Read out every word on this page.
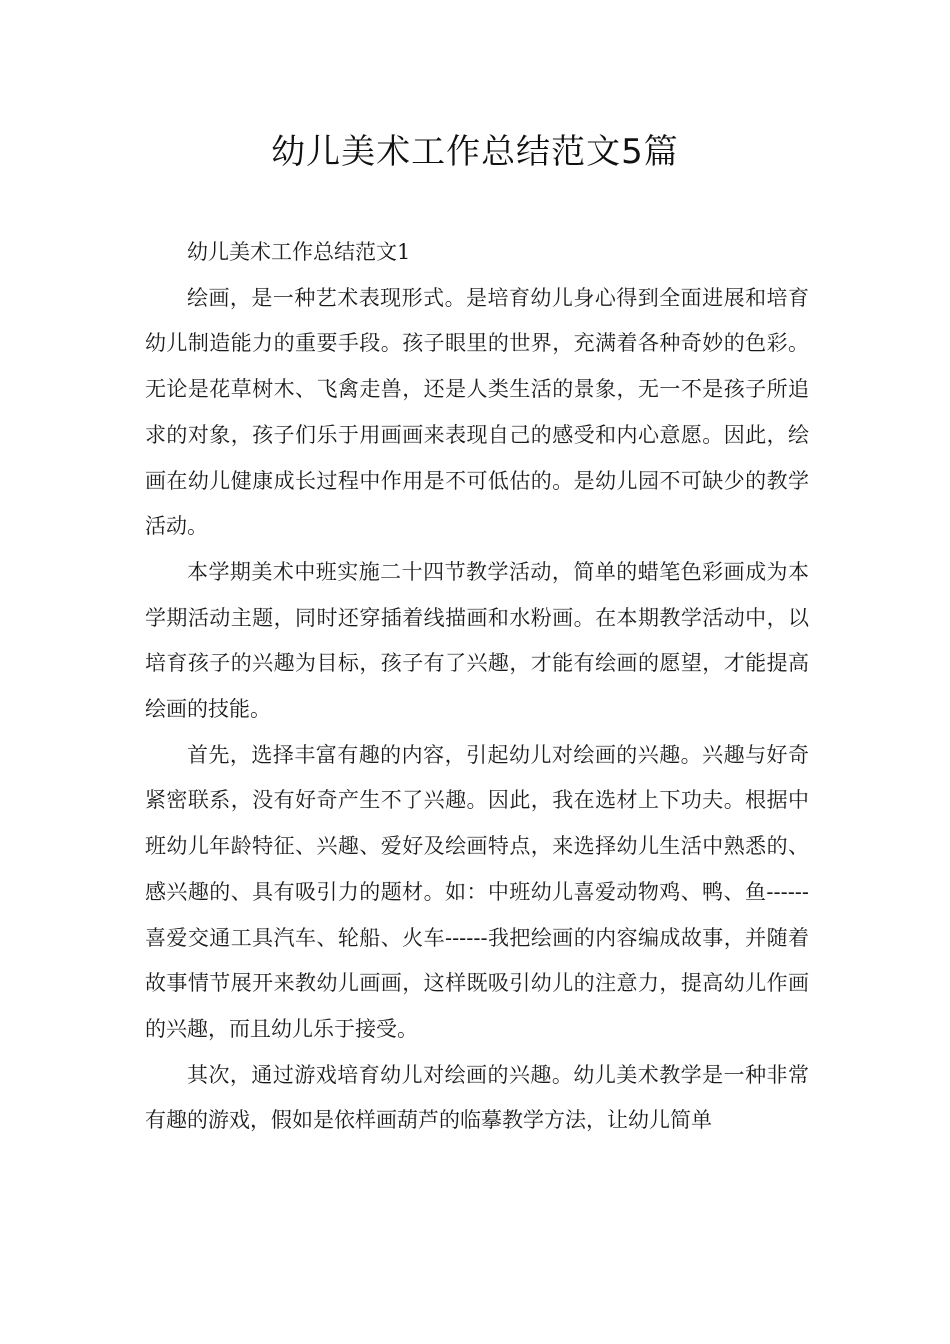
幼儿美术工作总结范文5篇

幼儿美术工作总结范文1

绘画，是一种艺术表现形式。是培育幼儿身心得到全面进展和培育幼儿制造能力的重要手段。孩子眼里的世界，充满着各种奇妙的色彩。无论是花草树木、飞禽走兽，还是人类生活的景象，无一不是孩子所追求的对象，孩子们乐于用画画来表现自己的感受和内心意愿。因此，绘画在幼儿健康成长过程中作用是不可低估的。是幼儿园不可缺少的教学活动。

本学期美术中班实施二十四节教学活动，简单的蜡笔色彩画成为本学期活动主题，同时还穿插着线描画和水粉画。在本期教学活动中，以培育孩子的兴趣为目标，孩子有了兴趣，才能有绘画的愿望，才能提高绘画的技能。

首先，选择丰富有趣的内容，引起幼儿对绘画的兴趣。兴趣与好奇紧密联系，没有好奇产生不了兴趣。因此，我在选材上下功夫。根据中班幼儿年龄特征、兴趣、爱好及绘画特点，来选择幼儿生活中熟悉的、感兴趣的、具有吸引力的题材。如：中班幼儿喜爱动物鸡、鸭、鱼------喜爱交通工具汽车、轮船、火车------我把绘画的内容编成故事，并随着故事情节展开来教幼儿画画，这样既吸引幼儿的注意力，提高幼儿作画的兴趣，而且幼儿乐于接受。

其次，通过游戏培育幼儿对绘画的兴趣。幼儿美术教学是一种非常有趣的游戏，假如是依样画葫芦的临摹教学方法，让幼儿简单
